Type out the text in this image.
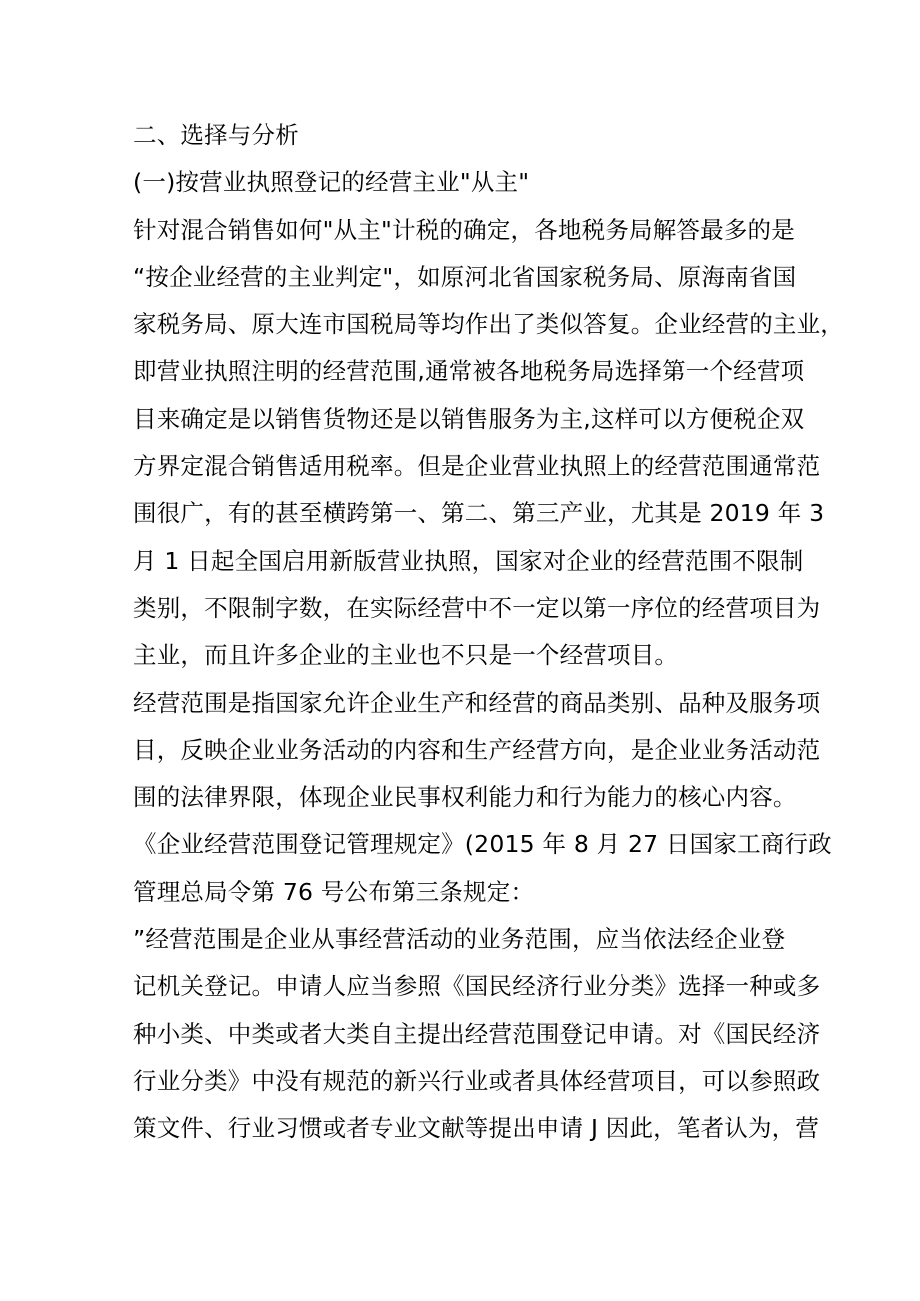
二、选择与分析
(一)按营业执照登记的经营主业"从主"
针对混合销售如何"从主"计税的确定，各地税务局解答最多的是
“按企业经营的主业判定"，如原河北省国家税务局、原海南省国
家税务局、原大连市国税局等均作出了类似答复。企业经营的主业，
即营业执照注明的经营范围,通常被各地税务局选择第一个经营项
目来确定是以销售货物还是以销售服务为主,这样可以方便税企双
方界定混合销售适用税率。但是企业营业执照上的经营范围通常范
围很广，有的甚至横跨第一、第二、第三产业，尤其是 2019 年 3
月 1 日起全国启用新版营业执照，国家对企业的经营范围不限制
类别，不限制字数，在实际经营中不一定以第一序位的经营项目为
主业，而且许多企业的主业也不只是一个经营项目。
经营范围是指国家允许企业生产和经营的商品类别、品种及服务项
目，反映企业业务活动的内容和生产经营方向，是企业业务活动范
围的法律界限，体现企业民事权利能力和行为能力的核心内容。
《企业经营范围登记管理规定》(2015 年 8 月 27 日国家工商行政
管理总局令第 76 号公布第三条规定：
”经营范围是企业从事经营活动的业务范围，应当依法经企业登
记机关登记。申请人应当参照《国民经济行业分类》选择一种或多
种小类、中类或者大类自主提出经营范围登记申请。对《国民经济
行业分类》中没有规范的新兴行业或者具体经营项目，可以参照政
策文件、行业习惯或者专业文献等提出申请 J 因此，笔者认为，营
